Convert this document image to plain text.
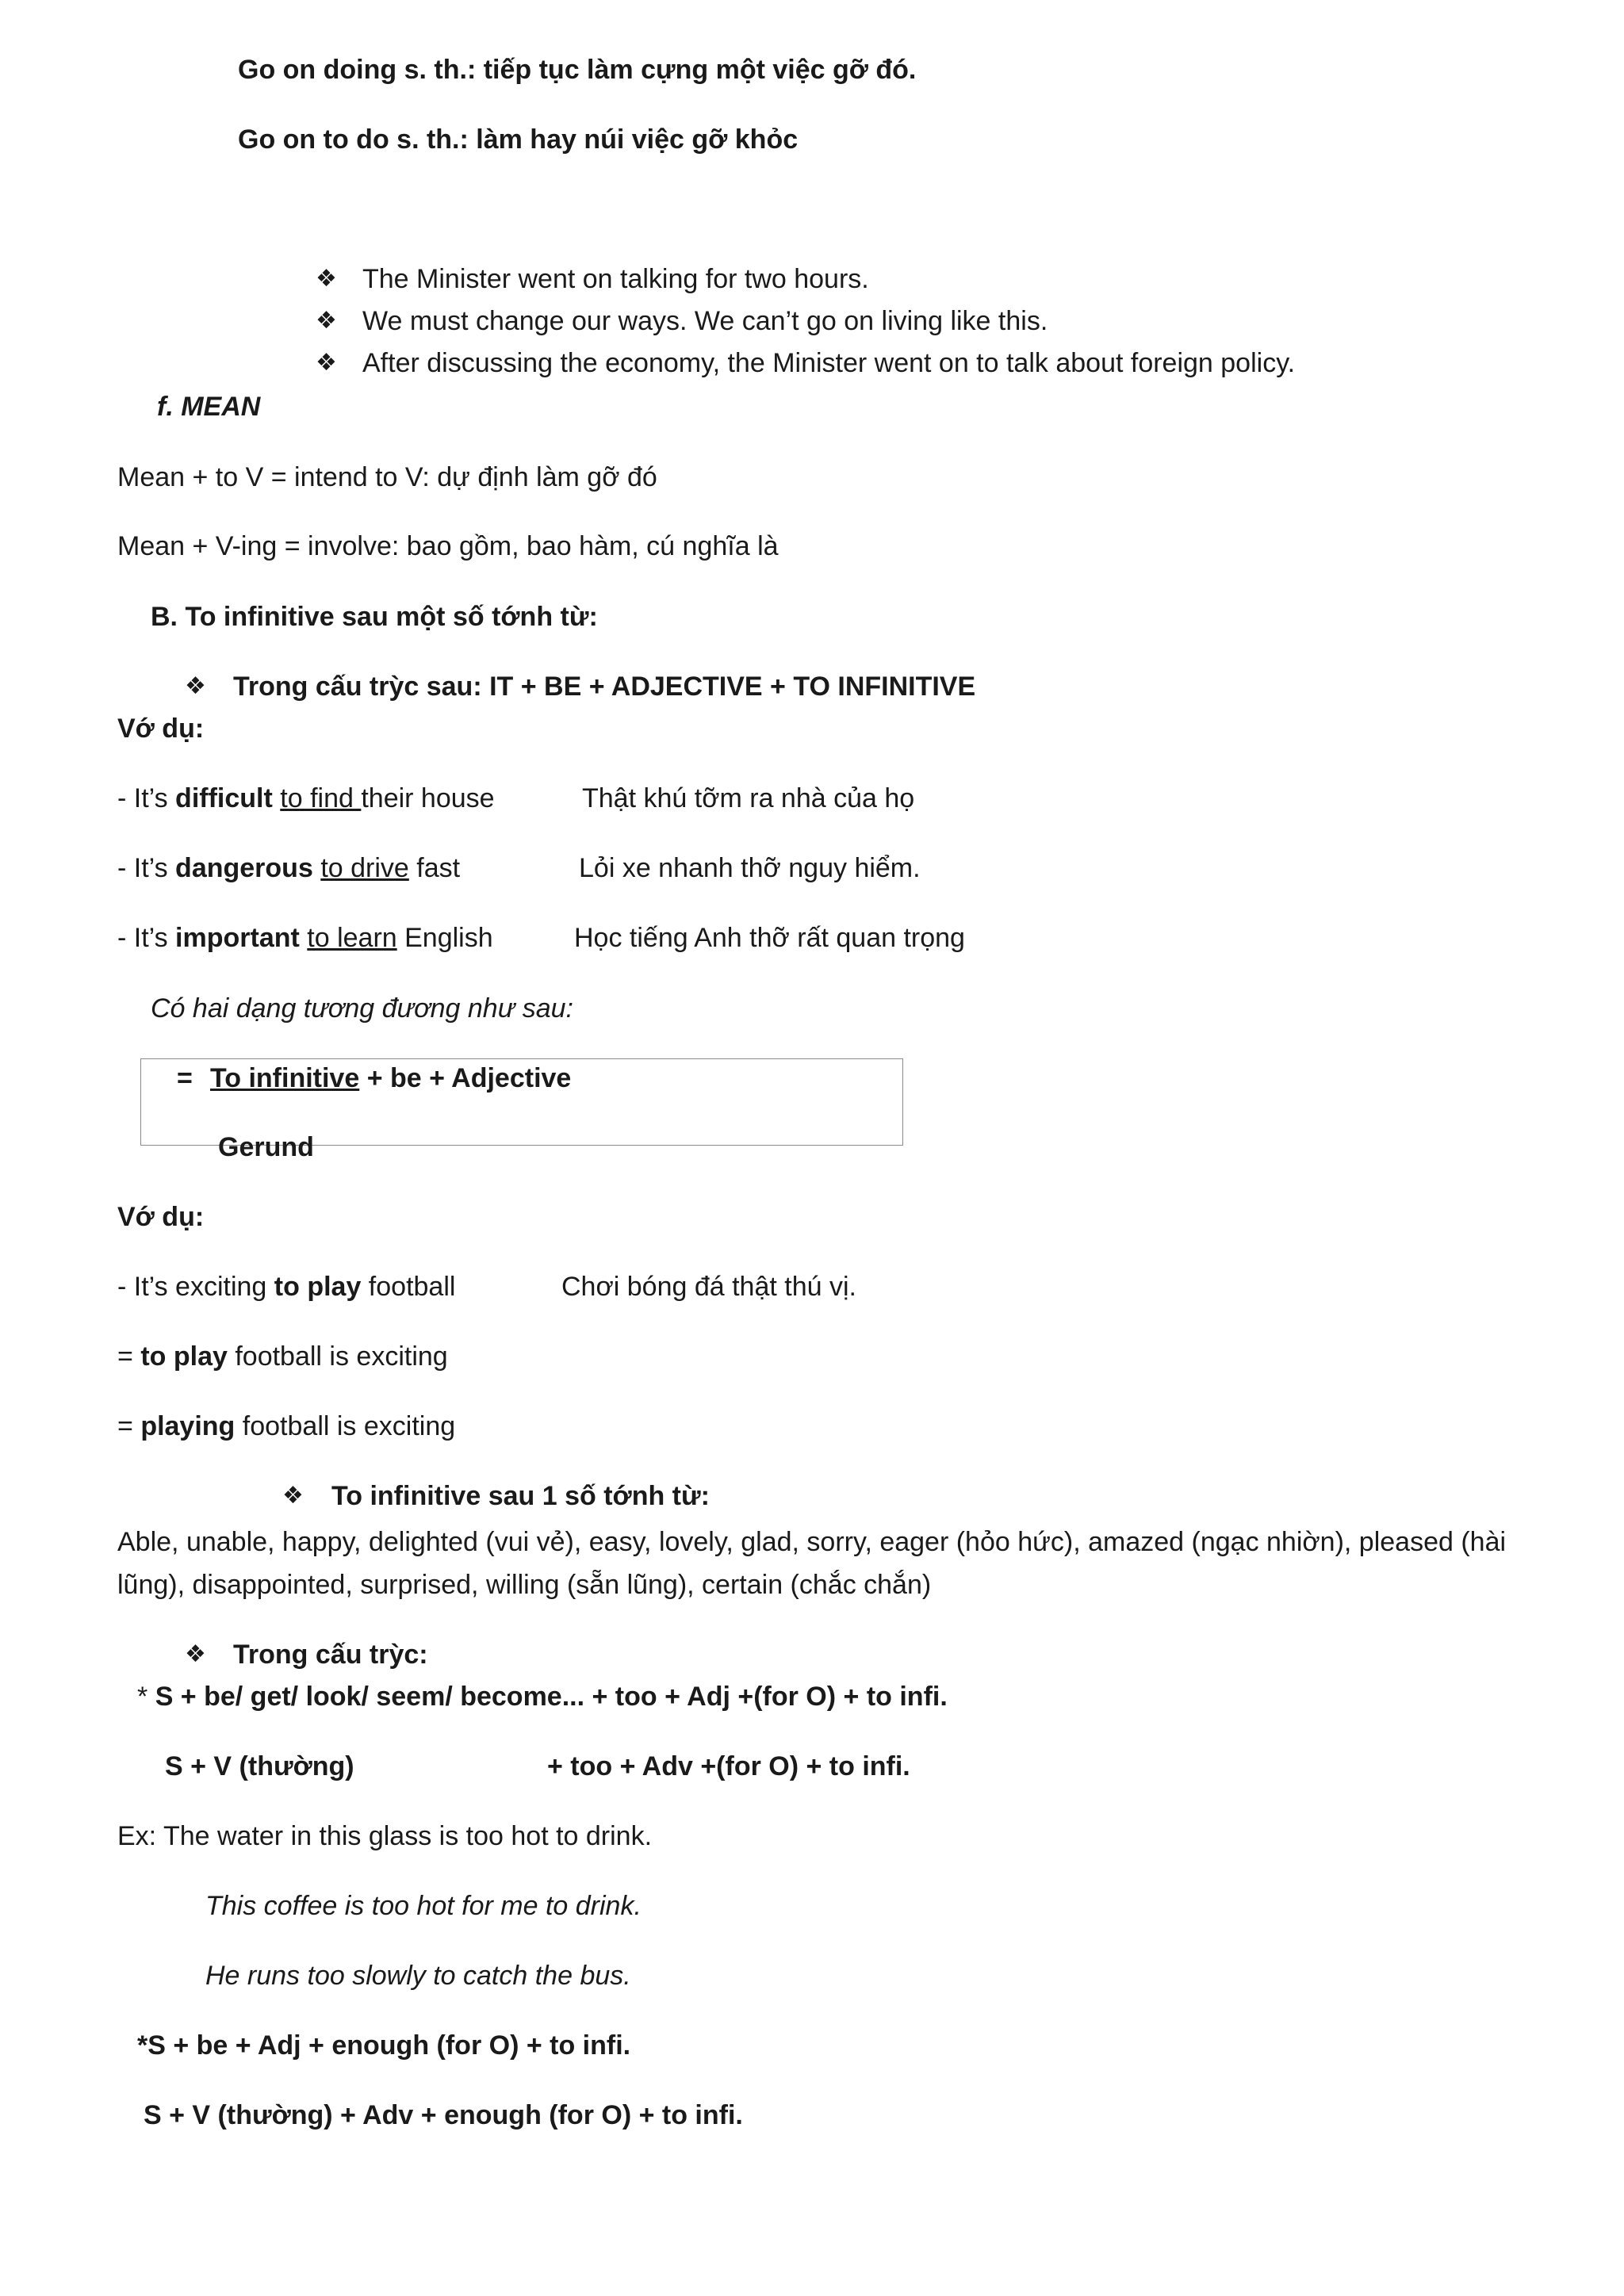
Go on doing s. th.: tiếp tục làm cựng một việc gỡ đó.
Go on to do s. th.: làm hay núi việc gỡ khỏc
❖ The Minister went on talking for two hours.
❖ We must change our ways. We can’t go on living like this.
❖ After discussing the economy, the Minister went on to talk about foreign policy.
f. MEAN
Mean + to V = intend to V: dự định làm gỡ đó
Mean + V-ing = involve: bao gồm, bao hàm, cú nghĩa là
B. To infinitive sau một số tớnh từ:
❖ Trong cấu trỳc sau: IT + BE + ADJECTIVE + TO INFINITIVE
Vớ dụ:
- It’s difficult to find their house	Thật khú tỡm ra nhà của họ
- It’s dangerous to drive fast	Lỏi xe nhanh thỡ nguy hiểm.
- It’s important to learn English	Học tiếng Anh thỡ rất quan trọng
Có hai dạng tương đương như sau:
= To infinitive + be + Adjective
Gerund
Vớ dụ:
- It’s exciting to play football	Chơi bóng đá thật thú vị.
= to play football is exciting
= playing football is exciting
❖ To infinitive sau 1 số tớnh từ:
Able, unable, happy, delighted (vui vẻ), easy, lovely, glad, sorry, eager (hỏo hức), amazed (ngạc nhiờn), pleased (hài lũng), disappointed, surprised, willing (sẵn lũng), certain (chắc chắn)
❖ Trong cấu trỳc:
* S + be/ get/ look/ seem/ become... + too + Adj +(for O) + to infi.
S + V (thường)	+ too + Adv +(for O) + to infi.
Ex: The water in this glass is too hot to drink.
This coffee is too hot for me to drink.
He runs too slowly to catch the bus.
*S + be + Adj + enough (for O) + to infi.
S + V (thường) + Adv + enough (for O) + to infi.
